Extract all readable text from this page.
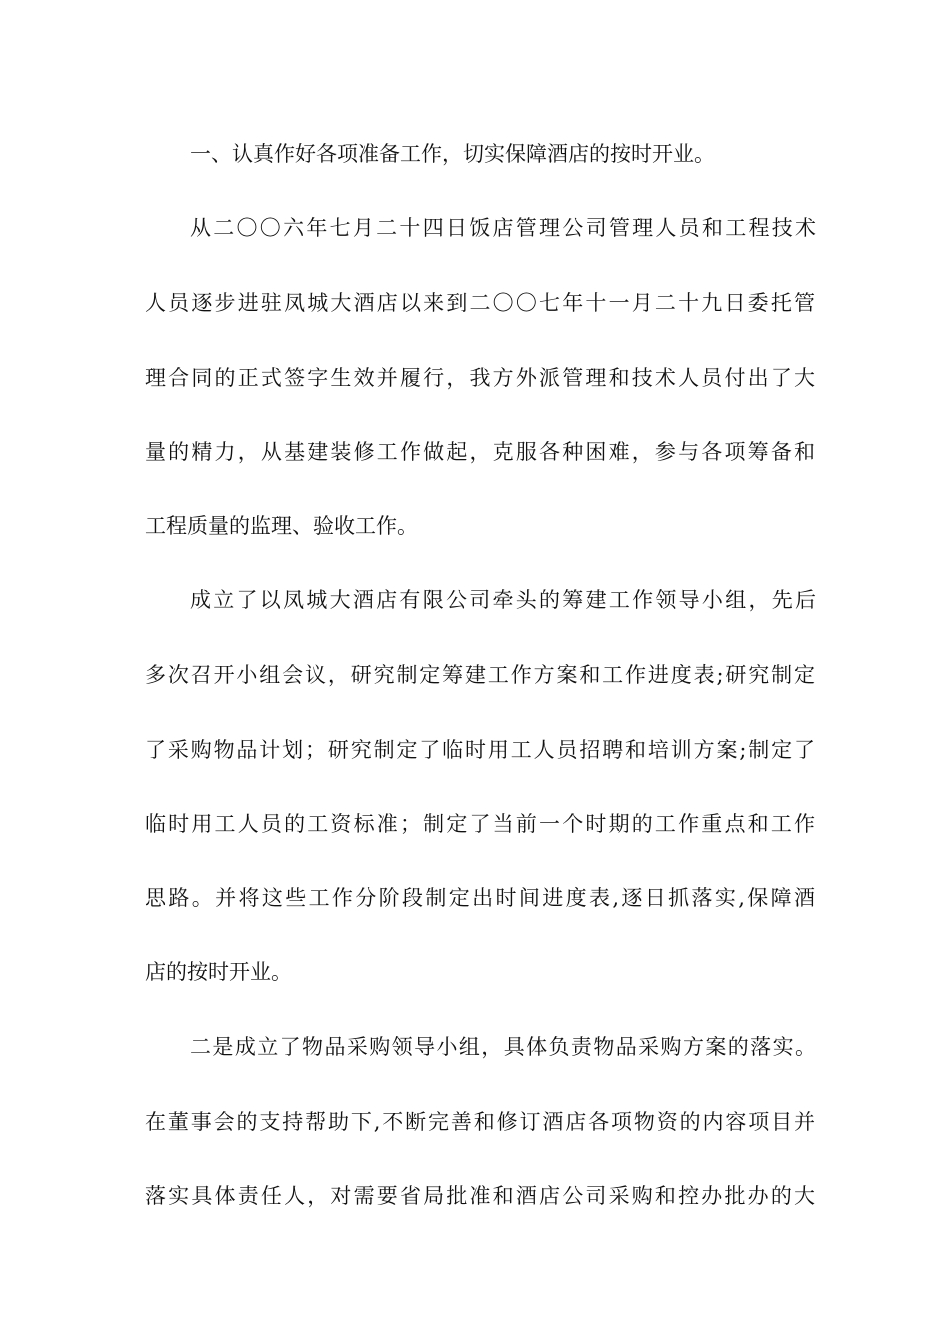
一、认真作好各项准备工作，切实保障酒店的按时开业。
从二〇〇六年七月二十四日饭店管理公司管理人员和工程技术
人员逐步进驻凤城大酒店以来到二〇〇七年十一月二十九日委托管
理合同的正式签字生效并履行，我方外派管理和技术人员付出了大
量的精力，从基建装修工作做起，克服各种困难，参与各项筹备和
工程质量的监理、验收工作。
成立了以凤城大酒店有限公司牵头的筹建工作领导小组，先后
多次召开小组会议，研究制定筹建工作方案和工作进度表;研究制定
了采购物品计划；研究制定了临时用工人员招聘和培训方案;制定了
临时用工人员的工资标准；制定了当前一个时期的工作重点和工作
思路。并将这些工作分阶段制定出时间进度表,逐日抓落实,保障酒
店的按时开业。
二是成立了物品采购领导小组，具体负责物品采购方案的落实。
在董事会的支持帮助下,不断完善和修订酒店各项物资的内容项目并
落实具体责任人，对需要省局批准和酒店公司采购和控办批办的大
